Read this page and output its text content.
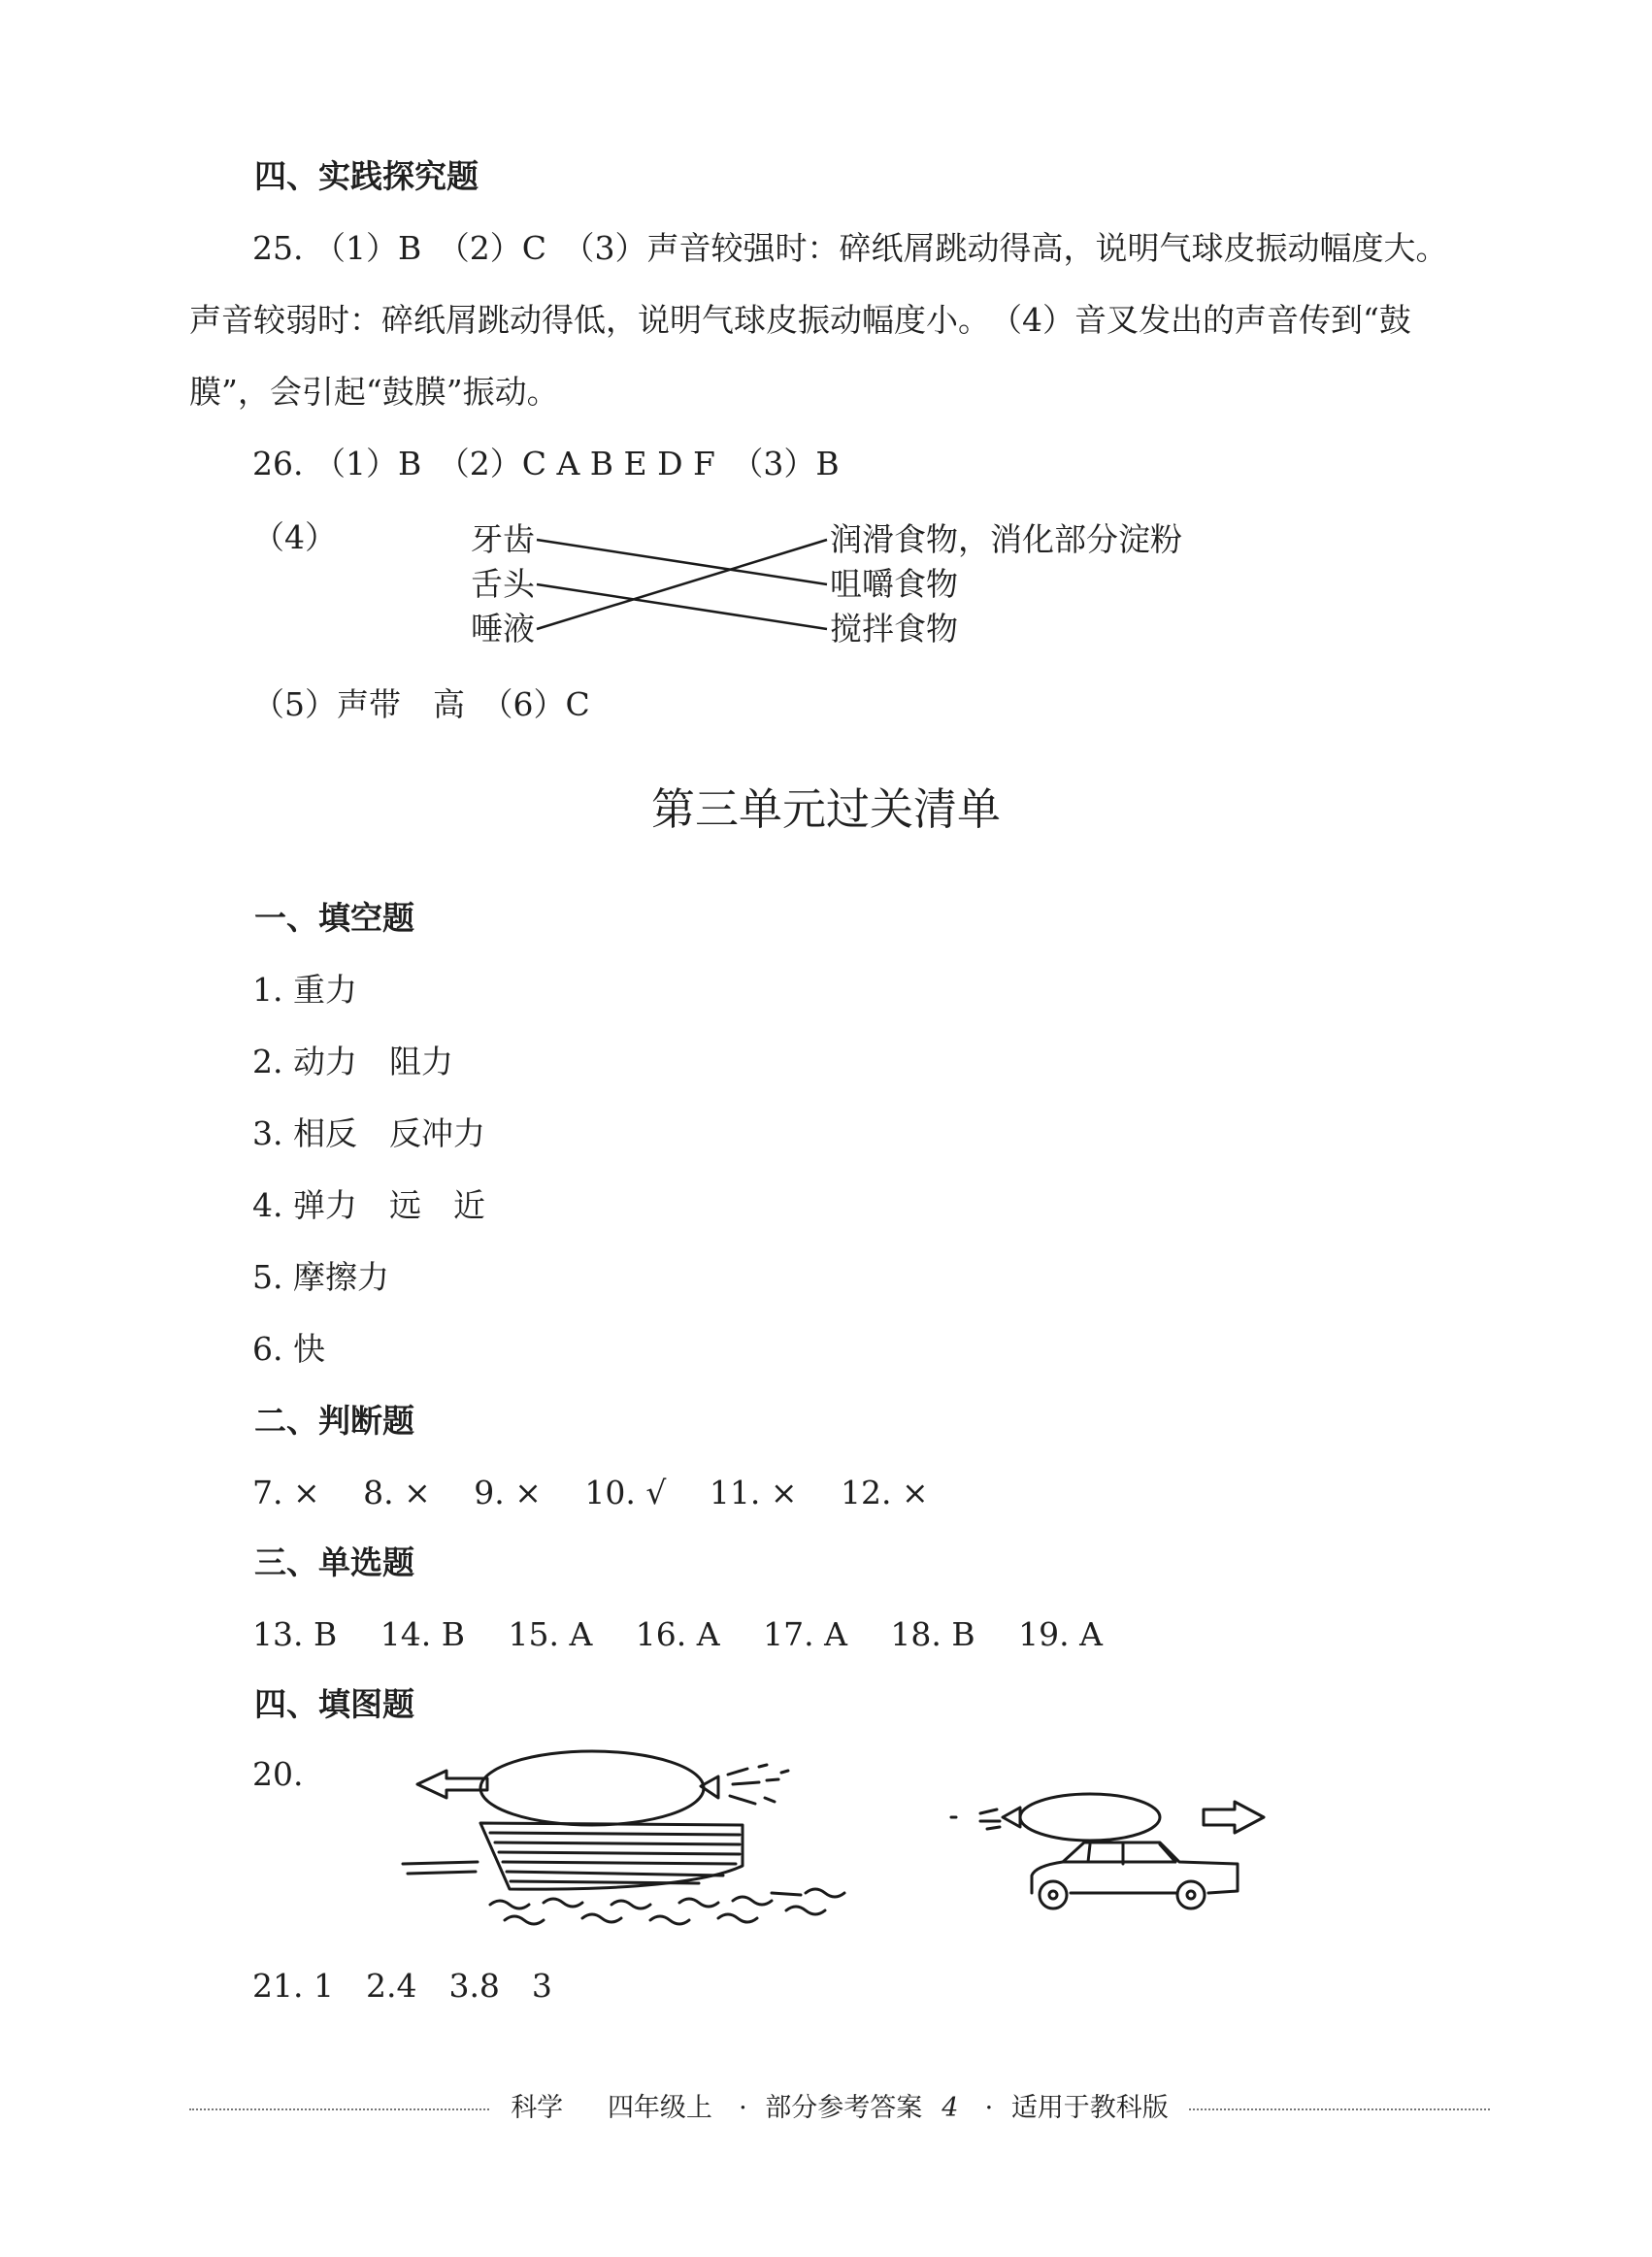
四、实践探究题
25. （1）B　（2）C　（3）声音较强时：碎纸屑跳动得高，说明气球皮振动幅度大。
声音较弱时：碎纸屑跳动得低，说明气球皮振动幅度小。　（4）音叉发出的声音传到“鼓
膜”，会引起“鼓膜”振动。
26. （1）B　（2）C A B E D F　（3）B
（4）	牙齿
舌头
唾液
润滑食物，消化部分淀粉
咀嚼食物
搅拌食物
（5）声带　高　（6）C
第三单元过关清单
一、填空题
1. 重力
2. 动力　阻力
3. 相反　反冲力
4. 弹力　远　近
5. 摩擦力
6. 快
二、判断题
7. × 8. × 9. × 10. √ 11. × 12. ×
三、单选题
13. B 14. B 15. A 16. A 17. A 18. B 19. A
四、填图题
20.
21. 1　2.4　3.8　3
科学 四年级上  · 部分参考答案 4  · 适用于教科版
